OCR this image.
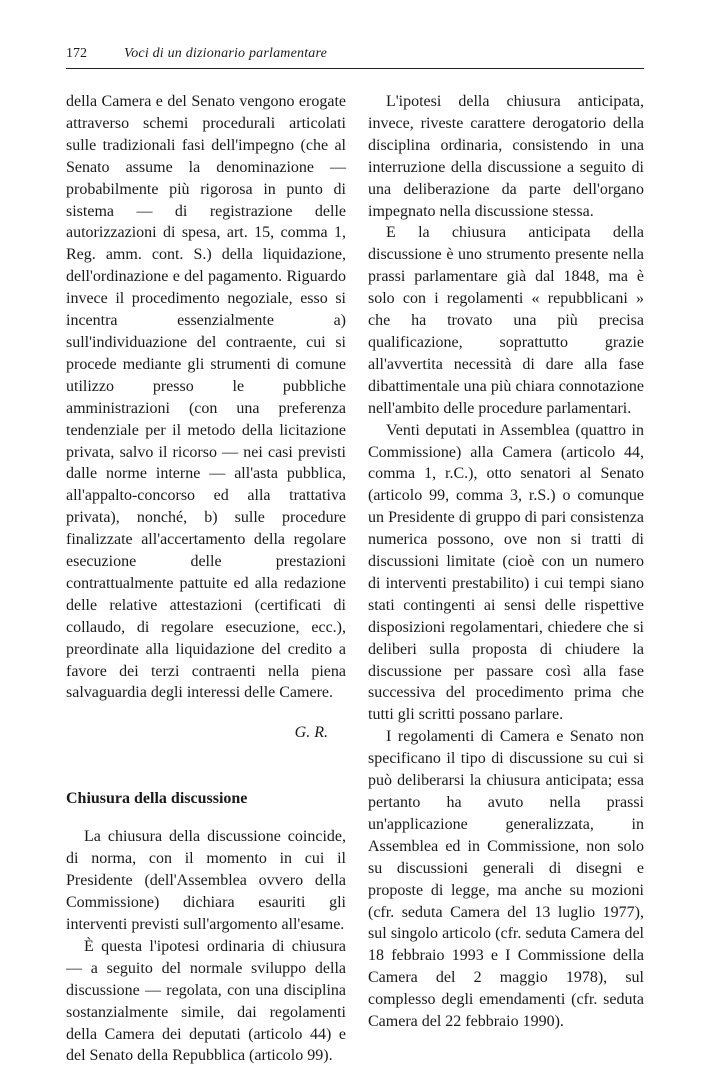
172	Voci di un dizionario parlamentare

della Camera e del Senato vengono erogate attraverso schemi procedurali articolati sulle tradizionali fasi dell'impegno (che al Senato assume la denominazione — probabilmente più rigorosa in punto di sistema — di registrazione delle autorizzazioni di spesa, art. 15, comma 1, Reg. amm. cont. S.) della liquidazione, dell'ordinazione e del pagamento. Riguardo invece il procedimento negoziale, esso si incentra essenzialmente a) sull'individuazione del contraente, cui si procede mediante gli strumenti di comune utilizzo presso le pubbliche amministrazioni (con una preferenza tendenziale per il metodo della licitazione privata, salvo il ricorso — nei casi previsti dalle norme interne — all'asta pubblica, all'appalto-concorso ed alla trattativa privata), nonché, b) sulle procedure finalizzate all'accertamento della regolare esecuzione delle prestazioni contrattualmente pattuite ed alla redazione delle relative attestazioni (certificati di collaudo, di regolare esecuzione, ecc.), preordinate alla liquidazione del credito a favore dei terzi contraenti nella piena salvaguardia degli interessi delle Camere.

G. R.
Chiusura della discussione

La chiusura della discussione coincide, di norma, con il momento in cui il Presidente (dell'Assemblea ovvero della Commissione) dichiara esauriti gli interventi previsti sull'argomento all'esame.

È questa l'ipotesi ordinaria di chiusura — a seguito del normale sviluppo della discussione — regolata, con una disciplina sostanzialmente simile, dai regolamenti della Camera dei deputati (articolo 44) e del Senato della Repubblica (articolo 99).

L'ipotesi della chiusura anticipata, invece, riveste carattere derogatorio della disciplina ordinaria, consistendo in una interruzione della discussione a seguito di una deliberazione da parte dell'organo impegnato nella discussione stessa.

E la chiusura anticipata della discussione è uno strumento presente nella prassi parlamentare già dal 1848, ma è solo con i regolamenti « repubblicani » che ha trovato una più precisa qualificazione, soprattutto grazie all'avvertita necessità di dare alla fase dibattimentale una più chiara connotazione nell'ambito delle procedure parlamentari.

Venti deputati in Assemblea (quattro in Commissione) alla Camera (articolo 44, comma 1, r.C.), otto senatori al Senato (articolo 99, comma 3, r.S.) o comunque un Presidente di gruppo di pari consistenza numerica possono, ove non si tratti di discussioni limitate (cioè con un numero di interventi prestabilito) i cui tempi siano stati contingenti ai sensi delle rispettive disposizioni regolamentari, chiedere che si deliberi sulla proposta di chiudere la discussione per passare così alla fase successiva del procedimento prima che tutti gli scritti possano parlare.

I regolamenti di Camera e Senato non specificano il tipo di discussione su cui si può deliberarsi la chiusura anticipata; essa pertanto ha avuto nella prassi un'applicazione generalizzata, in Assemblea ed in Commissione, non solo su discussioni generali di disegni e proposte di legge, ma anche su mozioni (cfr. seduta Camera del 13 luglio 1977), sul singolo articolo (cfr. seduta Camera del 18 febbraio 1993 e I Commissione della Camera del 2 maggio 1978), sul complesso degli emendamenti (cfr. seduta Camera del 22 febbraio 1990).
